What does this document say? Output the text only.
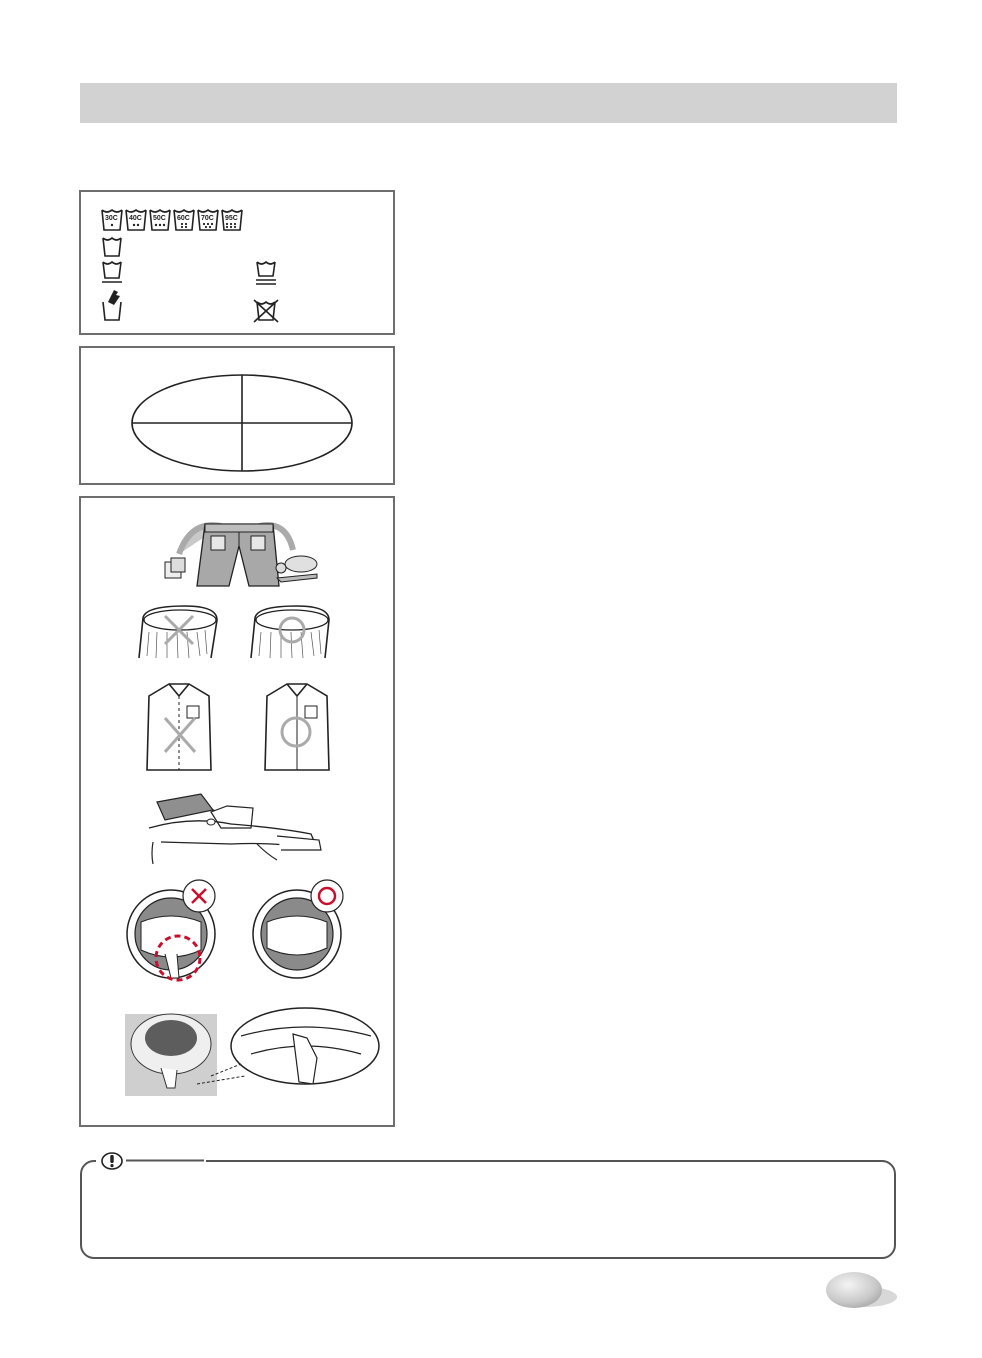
30C 40C 50C 60C 70C 95C
